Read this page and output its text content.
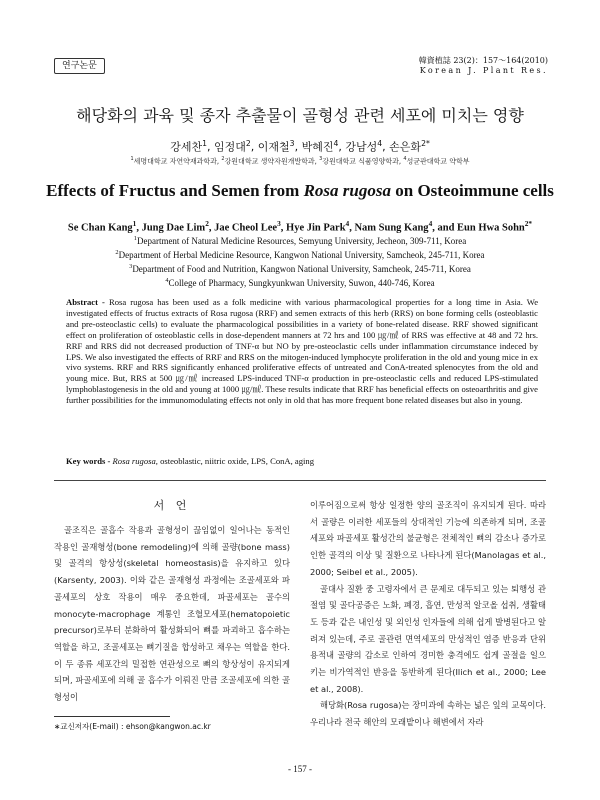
연구논문
韓資植誌 23(2)：157～164(2010)
Korean J. Plant Res.
해당화의 과육 및 종자 추출물이 골형성 관련 세포에 미치는 영향
강세찬$^1$, 임정대$^2$, 이재철$^3$, 박혜진$^4$, 강남성$^4$, 손은화$^{2*}$
$^1$세명대학교 자연약재과학과, $^2$강원대학교 생약자원개발학과, $^3$강원대학교 식품영양학과, $^4$성균관대학교 약학부
Effects of Fructus and Semen from Rosa rugosa on Osteoimmune cells
Se Chan Kang$^1$, Jung Dae Lim$^2$, Jae Cheol Lee$^3$, Hye Jin Park$^4$, Nam Sung Kang$^4$, and Eun Hwa Sohn$^{2*}$
$^1$Department of Natural Medicine Resources, Semyung University, Jecheon, 309-711, Korea
$^2$Department of Herbal Medicine Resource, Kangwon National University, Samcheok, 245-711, Korea
$^3$Department of Food and Nutrition, Kangwon National University, Samcheok, 245-711, Korea
$^4$College of Pharmacy, Sungkyunkwan University, Suwon, 440-746, Korea
Abstract - Rosa rugosa has been used as a folk medicine with various pharmacological properties for a long time in Asia. We investigated effects of fructus extracts of Rosa rugosa (RRF) and semen extracts of this herb (RRS) on bone forming cells (osteoblastic and pre-osteoclastic cells) to evaluate the pharmacological possibilities in a variety of bone-related disease. RRF showed significant effect on proliferation of osteoblastic cells in dose-dependent manners at 72 hrs and 100 ㎍/㎖ of RRS was effective at 48 and 72 hrs. RRF and RRS did not decreased production of TNF-α but NO by pre-osteoclastic cells under inflammation circumstance indeced by LPS. We also investigated the effects of RRF and RRS on the mitogen-induced lymphocyte proliferation in the old and young mice in ex vivo systems. RRF and RRS significantly enhanced proliferative effects of untreated and ConA-treated splenocytes from the old and young mice. But, RRS at 500 ㎍/㎖ increased LPS-induced TNF-α production in pre-osteoclastic cells and reduced LPS-stimulated lymphoblastogenesis in the old and young at 1000 ㎍/㎖. These results indicate that RRF has beneficial effects on osteoarthritis and give further possibilities for the immunomodulating effects not only in old that has more frequent bone related diseases but also in young.
Key words - Rosa rugosa, osteoblastic, niitric oxide, LPS, ConA, aging
서 언

골조직은 골흡수 작용과 골형성이 끊임없이 일어나는 동적인 작용인 골재형성(bone remodeling)에 의해 골량(bone mass) 및 골격의 항상성(skeletal homeostasis)을 유지하고 있다(Karsenty, 2003). 이와 같은 골재형성 과정에는 조골세포와 파골세포의 상호 작용이 매우 중요한데, 파골세포는 골수의 monocyte-macrophage 계통인 조혈모세포(hematopoietic precursor)로부터 분화하여 활성화되어 뼈를 파괴하고 흡수하는 역할을 하고, 조골세포는 뼈기질을 합성하고 채우는 역할을 한다. 이 두 종류 세포간의 밀접한 연관성으로 뼈의 항상성이 유지되게 되며, 파골세포에 의해 골 흡수가 이뤄진 만큼 조골세포에 의한 골 형성이

이루어짐으로써 항상 일정한 양의 골조직이 유지되게 된다. 따라서 골량은 이러한 세포들의 상대적인 기능에 의존하게 되며, 조골세포와 파골세포 활성간의 불균형은 전체적인 뼈의 감소나 증가로 인한 골격의 이상 및 질환으로 나타나게 된다(Manolagas et al., 2000; Seibel et al., 2005).

골대사 질환 중 고령자에서 큰 문제로 대두되고 있는 퇴행성 관절염 및 골다공증은 노화, 폐경, 흡연, 만성적 알코올 섭취, 생활태도 등과 같은 내인성 및 외인성 인자들에 의해 쉽게 발병된다고 알려져 있는데, 주로 골관련 면역세포의 만성적인 염증 반응과 단위 용적내 골량의 감소로 인하여 경미한 충격에도 쉽게 골절을 일으키는 비가역적인 반응을 동반하게 된다(Ilich et al., 2000; Lee et al., 2008).

해당화(Rosa rugosa)는 장미과에 속하는 넓은 잎의 교목이다. 우리나라 전국 해안의 모래밭이나 해변에서 자라

∗교신저자(E-mail) : ehson@kangwon.ac.kr
- 157 -
